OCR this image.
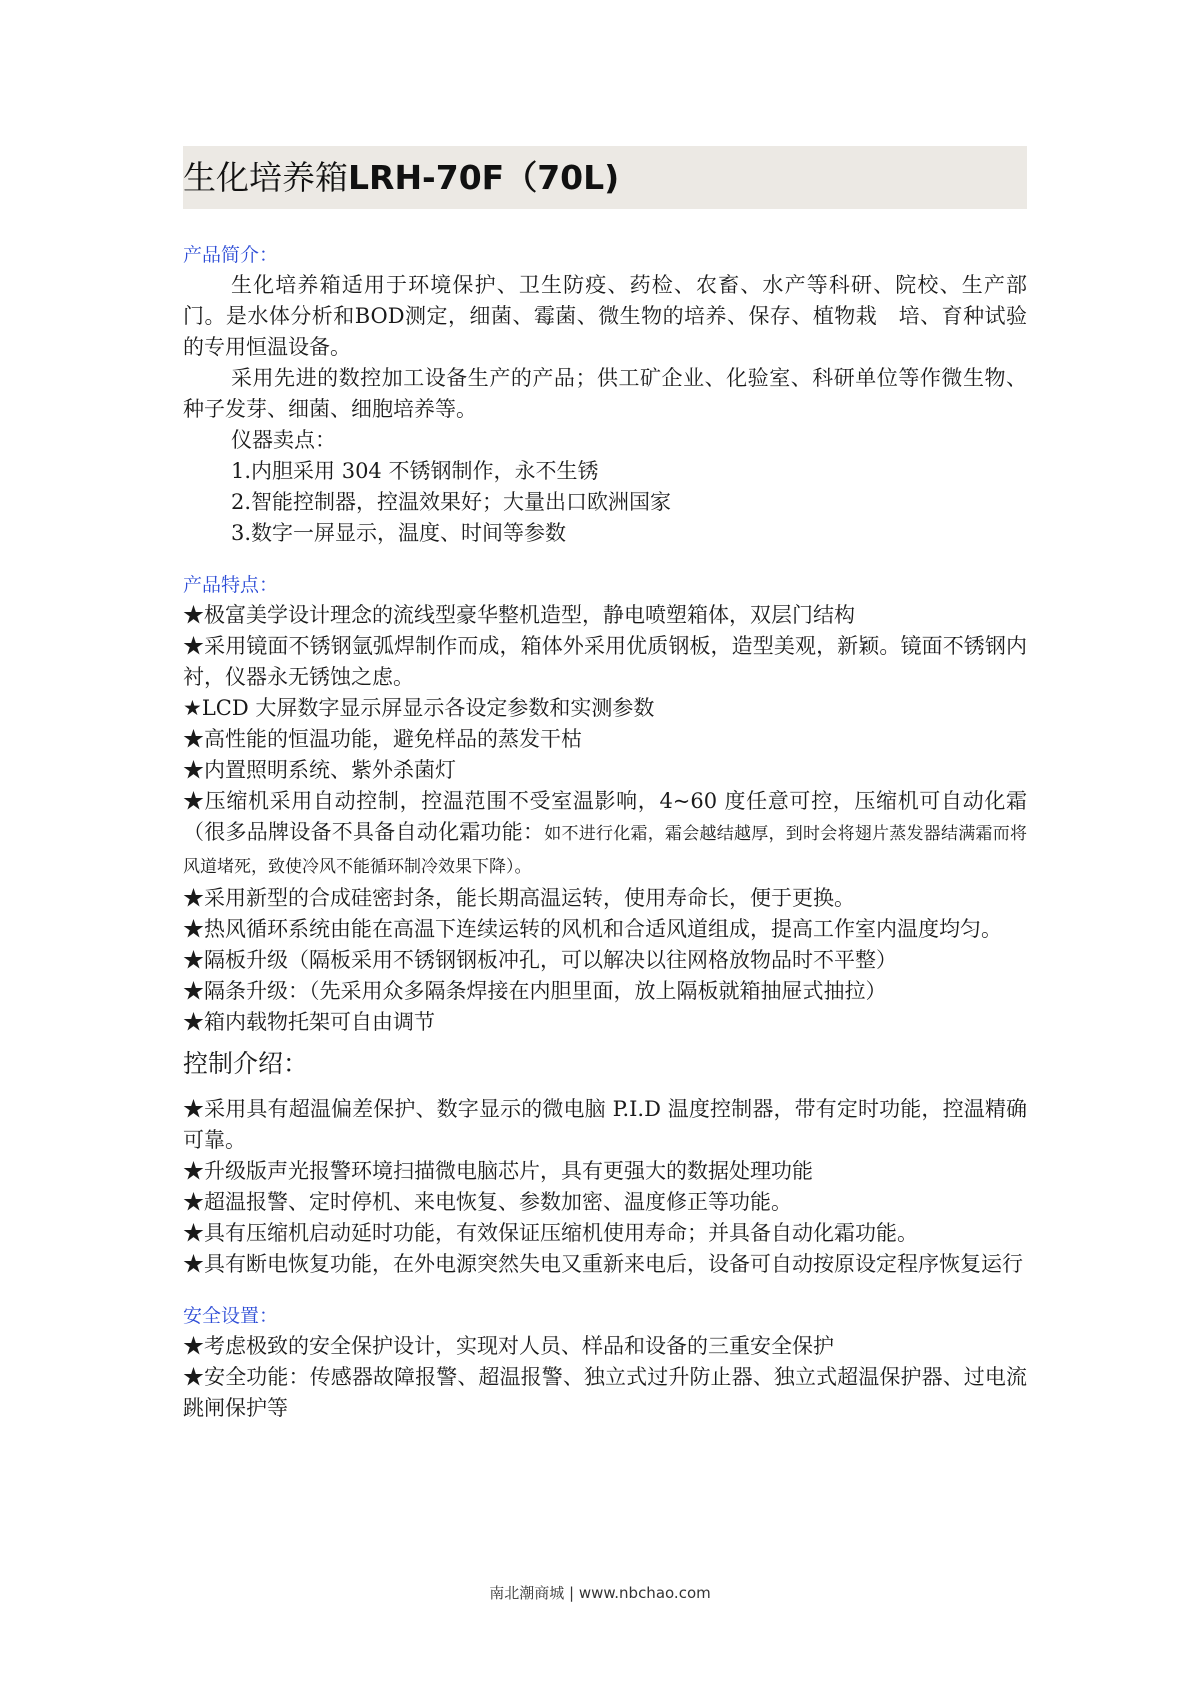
生化培养箱LRH-70F（70L)
产品简介：
生化培养箱适用于环境保护、卫生防疫、药检、农畜、水产等科研、院校、生产部门。是水体分析和BOD测定，细菌、霉菌、微生物的培养、保存、植物栽　培、育种试验的专用恒温设备。
采用先进的数控加工设备生产的产品；供工矿企业、化验室、科研单位等作微生物、种子发芽、细菌、细胞培养等。
仪器卖点：
1.内胆采用 304 不锈钢制作，永不生锈
2.智能控制器，控温效果好；大量出口欧洲国家
3.数字一屏显示，温度、时间等参数
产品特点：
★极富美学设计理念的流线型豪华整机造型，静电喷塑箱体，双层门结构
★采用镜面不锈钢氩弧焊制作而成，箱体外采用优质钢板，造型美观，新颖。镜面不锈钢内衬，仪器永无锈蚀之虑。
★LCD 大屏数字显示屏显示各设定参数和实测参数
★高性能的恒温功能，避免样品的蒸发干枯
★内置照明系统、紫外杀菌灯
★压缩机采用自动控制，控温范围不受室温影响，4~60 度任意可控，压缩机可自动化霜（很多品牌设备不具备自动化霜功能：如不进行化霜，霜会越结越厚，到时会将翅片蒸发器结满霜而将风道堵死，致使冷风不能循环制冷效果下降）。
★采用新型的合成硅密封条，能长期高温运转，使用寿命长，便于更换。
★热风循环系统由能在高温下连续运转的风机和合适风道组成，提高工作室内温度均匀。
★隔板升级（隔板采用不锈钢钢板冲孔，可以解决以往网格放物品时不平整）
★隔条升级：（先采用众多隔条焊接在内胆里面，放上隔板就箱抽屉式抽拉）
★箱内载物托架可自由调节
控制介绍：
★采用具有超温偏差保护、数字显示的微电脑 P.I.D 温度控制器，带有定时功能，控温精确可靠。
★升级版声光报警环境扫描微电脑芯片，具有更强大的数据处理功能
★超温报警、定时停机、来电恢复、参数加密、温度修正等功能。
★具有压缩机启动延时功能，有效保证压缩机使用寿命；并具备自动化霜功能。
★具有断电恢复功能，在外电源突然失电又重新来电后，设备可自动按原设定程序恢复运行
安全设置：
★考虑极致的安全保护设计，实现对人员、样品和设备的三重安全保护
★安全功能：传感器故障报警、超温报警、独立式过升防止器、独立式超温保护器、过电流跳闸保护等
南北潮商城 | www.nbchao.com
